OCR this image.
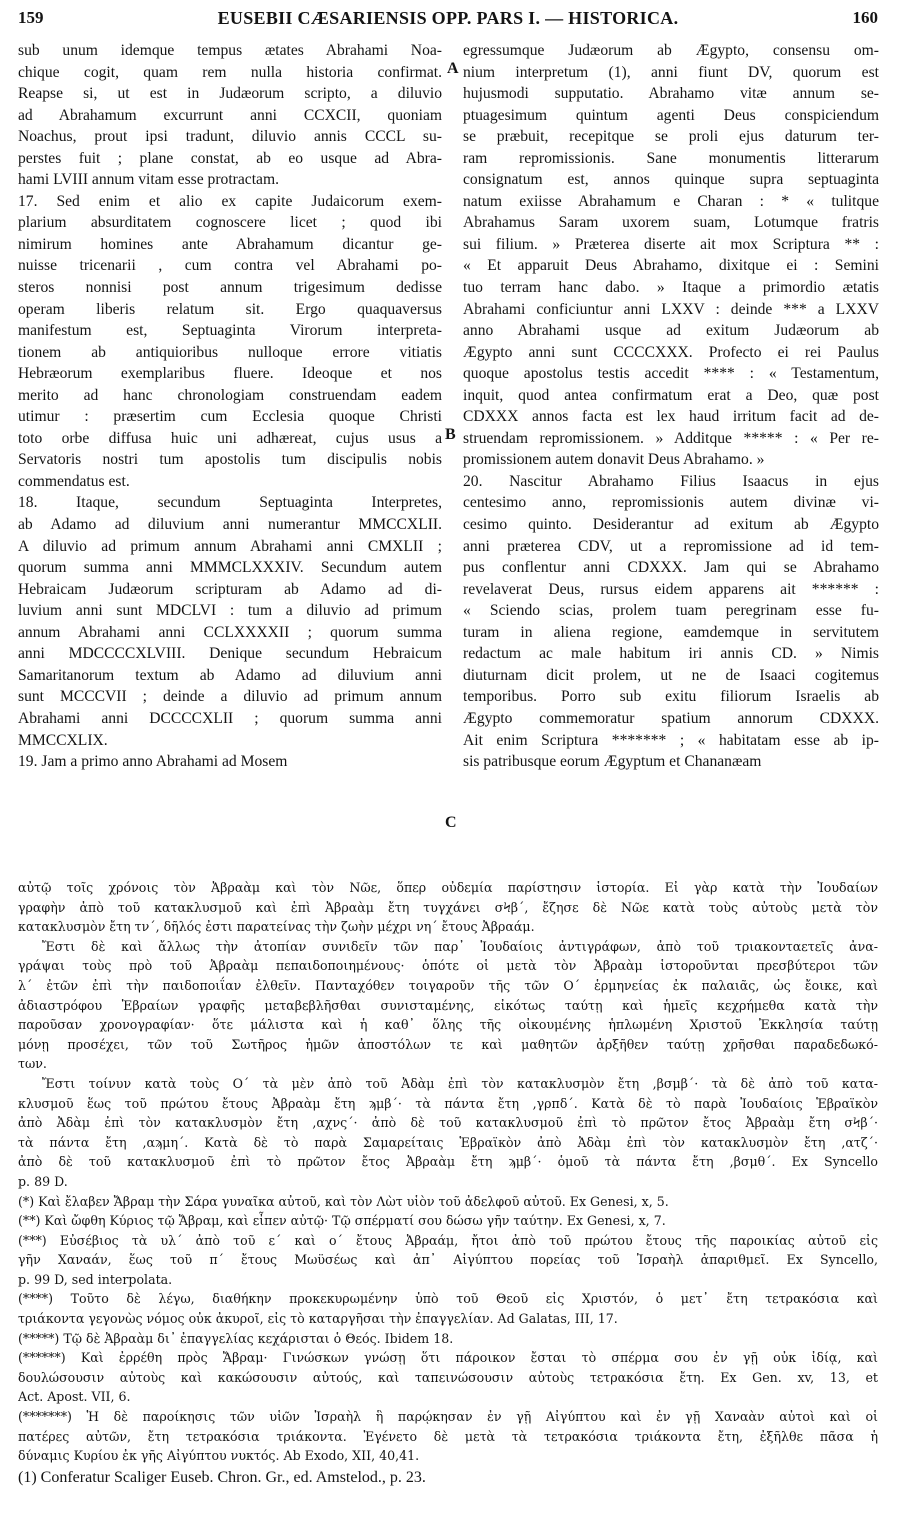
159	EUSEBII CÆSARIENSIS OPP. PARS I. — HISTORICA.	160
sub unum idemque tempus ætates Abrahami Noa-
chique cogit, quam rem nulla historia confirmat.
Reapse si, ut est in Judæorum scripto, a diluvio
ad Abrahamum excurrunt anni CCXCII, quoniam
Noachus, prout ipsi tradunt, diluvio annis CCCL su-
perstes fuit ; plane constat, ab eo usque ad Abra-
hami LVIII annum vitam esse protractam.
17. Sed enim et alio ex capite Judaicorum exem-
plarium absurditatem cognoscere licet ; quod ibi
nimirum homines ante Abrahamum dicantur ge-
nuisse tricenarii , cum contra vel Abrahami po-
steros nonnisi post annum trigesimum dedisse
operam liberis relatum sit. Ergo quaquaversus
manifestum est, Septuaginta Virorum interpreta-
tionem ab antiquioribus nulloque errore vitiatis
Hebræorum exemplaribus fluere. Ideoque et nos
merito ad hanc chronologiam construendam eadem
utimur : præsertim cum Ecclesia quoque Christi
toto orbe diffusa huic uni adhæreat, cujus usus a
Servatoris nostri tum apostolis tum discipulis nobis
commendatus est.
18. Itaque, secundum Septuaginta Interpretes,
ab Adamo ad diluvium anni numerantur MMCCXLII.
A diluvio ad primum annum Abrahami anni CMXLII ;
quorum summa anni MMMCLXXXIV. Secundum autem
Hebraicam Judæorum scripturam ab Adamo ad di-
luvium anni sunt MDCLVI : tum a diluvio ad primum
annum Abrahami anni CCLXXXXII ; quorum summa
anni MDCCCCXLVIII. Denique secundum Hebraicum
Samaritanorum textum ab Adamo ad diluvium anni
sunt MCCCVII ; deinde a diluvio ad primum annum
Abrahami anni DCCCCXLII ; quorum summa anni
MMCCXLIX.
19. Jam a primo anno Abrahami ad Mosem
egressumque Judæorum ab Ægypto, consensu om-
nium interpretum (1), anni fiunt DV, quorum est
hujusmodi supputatio. Abrahamo vitæ annum se-
ptuagesimum quintum agenti Deus conspiciendum
se præbuit, recepitque se proli ejus daturum ter-
ram repromissionis. Sane monumentis litterarum
consignatum est, annos quinque supra septuaginta
natum exiisse Abrahamum e Charan : * « tulitque
Abrahamus Saram uxorem suam, Lotumque fratris
sui filium. » Præterea diserte ait mox Scriptura ** :
« Et apparuit Deus Abrahamo, dixitque ei : Semini
tuo terram hanc dabo. » Itaque a primordio ætatis
Abrahami conficiuntur anni LXXV : deinde *** a LXXV
anno Abrahami usque ad exitum Judæorum ab
Ægypto anni sunt CCCCXXX. Profecto ei rei Paulus
quoque apostolus testis accedit **** : « Testamentum,
inquit, quod antea confirmatum erat a Deo, quæ post
CDXXX annos facta est lex haud irritum facit ad de-
struendam repromissionem. » Additque ***** : « Per re-
promissionem autem donavit Deus Abrahamo. »
20. Nascitur Abrahamo Filius Isaacus in ejus
centesimo anno, repromissionis autem divinæ vi-
cesimo quinto. Desiderantur ad exitum ab Ægypto
anni præterea CDV, ut a repromissione ad id tem-
pus conflentur anni CDXXX. Jam qui se Abrahamo
revelaverat Deus, rursus eidem apparens ait ****** :
« Sciendo scias, prolem tuam peregrinam esse fu-
turam in aliena regione, eamdemque in servitutem
redactum ac male habitum iri annis CD. » Nimis
diuturnam dicit prolem, ut ne de Isaaci cogitemus
temporibus. Porro sub exitu filiorum Israelis ab
Ægypto commemoratur spatium annorum CDXXX.
Ait enim Scriptura ******* ; « habitatam esse ab ip-
sis patribusque eorum Ægyptum et Chananæam
A
B
C
αὐτῷ τοῖς χρόνοις τὸν Ἀβραὰμ καὶ τὸν Νῶε, ὅπερ οὐδεμία παρίστησιν ἱστορία. Εἰ γὰρ κατὰ τὴν Ἰουδαίων
γραφὴν ἀπὸ τοῦ κατακλυσμοῦ καὶ ἐπὶ Ἀβραὰμ ἔτη τυγχάνει σϞβ´, ἔζησε δὲ Νῶε κατὰ τοὺς αὐτοὺς μετὰ τὸν
κατακλυσμὸν ἔτη τν´, δῆλός ἐστι παρατείνας τὴν ζωὴν μέχρι νη´ ἔτους Ἀβραάμ.
Ἔστι δὲ καὶ ἄλλως τὴν ἀτοπίαν συνιδεῖν τῶν παρ᾽ Ἰουδαίοις ἀντιγράφων, ἀπὸ τοῦ τριακονταετεῖς ἀνα-
γράψαι τοὺς πρὸ τοῦ Ἀβραὰμ πεπαιδοποιημένους· ὁπότε οἱ μετὰ τὸν Ἀβραὰμ ἱστοροῦνται πρεσβύτεροι τῶν
λ´ ἐτῶν ἐπὶ τὴν παιδοποιΐαν ἐλθεῖν. Πανταχόθεν τοιγαροῦν τῆς τῶν Ο´ ἑρμηνείας ἐκ παλαιᾶς, ὡς ἔοικε, καὶ
ἀδιαστρόφου Ἑβραίων γραφῆς μεταβεβλῆσθαι συνισταμένης, εἰκότως ταύτῃ καὶ ἡμεῖς κεχρήμεθα κατὰ τὴν
παροῦσαν χρονογραφίαν· ὅτε μάλιστα καὶ ἡ καθ᾽ ὅλης τῆς οἰκουμένης ἡπλωμένη Χριστοῦ Ἐκκλησία ταύτῃ
μόνῃ προσέχει, τῶν τοῦ Σωτῆρος ἡμῶν ἀποστόλων τε καὶ μαθητῶν ἀρξῆθεν ταύτῃ χρῆσθαι παραδεδωκό-
των.
Ἔστι τοίνυν κατὰ τοὺς Ο´ τὰ μὲν ἀπὸ τοῦ Ἀδὰμ ἐπὶ τὸν κατακλυσμὸν ἔτη ,βσμβ´· τὰ δὲ ἀπὸ τοῦ κατα-
κλυσμοῦ ἕως τοῦ πρώτου ἔτους Ἀβραὰμ ἔτη ϡμβ´· τὰ πάντα ἔτη ,γρπδ´. Κατὰ δὲ τὸ παρὰ Ἰουδαίοις Ἑβραϊκὸν
ἀπὸ Ἀδὰμ ἐπὶ τὸν κατακλυσμὸν ἔτη ,αχνς´· ἀπὸ δὲ τοῦ κατακλυσμοῦ ἐπὶ τὸ πρῶτον ἔτος Ἀβραὰμ ἔτη σϞβ´·
τὰ πάντα ἔτη ,αϡμη´. Κατὰ δὲ τὸ παρὰ Σαμαρείταις Ἑβραϊκὸν ἀπὸ Ἀδὰμ ἐπὶ τὸν κατακλυσμὸν ἔτη ,ατζ´·
ἀπὸ δὲ τοῦ κατακλυσμοῦ ἐπὶ τὸ πρῶτον ἔτος Ἀβραὰμ ἔτη ϡμβ´· ὁμοῦ τὰ πάντα ἔτη ,βσμθ´. Ex Syncello
p. 89 D.
(*) Καὶ ἔλαβεν Ἄβραμ τὴν Σάρα γυναῖκα αὐτοῦ, καὶ τὸν Λὼτ υἱὸν τοῦ ἀδελφοῦ αὐτοῦ. Ex Genesi, x, 5.
(**) Καὶ ὤφθη Κύριος τῷ Ἄβραμ, καὶ εἶπεν αὐτῷ· Τῷ σπέρματί σου δώσω γῆν ταύτην. Ex Genesi, x, 7.
(***) Εὐσέβιος τὰ υλ´ ἀπὸ τοῦ ε´ καὶ ο´ ἔτους Ἀβραάμ, ἤτοι ἀπὸ τοῦ πρώτου ἔτους τῆς παροικίας αὐτοῦ εἰς
γῆν Χαναάν, ἕως τοῦ π´ ἔτους Μωϋσέως καὶ ἀπ᾽ Αἰγύπτου πορείας τοῦ Ἰσραὴλ ἀπαριθμεῖ. Ex Syncello,
p. 99 D, sed interpolata.
(****) Τοῦτο δὲ λέγω, διαθήκην προκεκυρωμένην ὑπὸ τοῦ Θεοῦ εἰς Χριστόν, ὁ μετ᾽ ἔτη τετρακόσια καὶ
τριάκοντα γεγονὼς νόμος οὐκ ἀκυροῖ, εἰς τὸ καταργῆσαι τὴν ἐπαγγελίαν. Ad Galatas, III, 17.
(*****) Τῷ δὲ Ἀβραὰμ δι᾽ ἐπαγγελίας κεχάρισται ὁ Θεός. Ibidem 18.
(******) Καὶ ἐρρέθη πρὸς Ἄβραμ· Γινώσκων γνώσῃ ὅτι πάροικον ἔσται τὸ σπέρμα σου ἐν γῇ οὐκ ἰδίᾳ, καὶ
δουλώσουσιν αὐτοὺς καὶ κακώσουσιν αὐτούς, καὶ ταπεινώσουσιν αὐτοὺς τετρακόσια ἔτη. Ex Gen. xv, 13, et
Act. Apost. VII, 6.
(*******) Ἡ δὲ παροίκησις τῶν υἱῶν Ἰσραὴλ ἣ παρῴκησαν ἐν γῇ Αἰγύπτου καὶ ἐν γῇ Χαναὰν αὐτοὶ καὶ οἱ
πατέρες αὐτῶν, ἔτη τετρακόσια τριάκοντα. Ἐγένετο δὲ μετὰ τὰ τετρακόσια τριάκοντα ἔτη, ἐξῆλθε πᾶσα ἡ
δύναμις Κυρίου ἐκ γῆς Αἰγύπτου νυκτός. Ab Exodo, XII, 40,41.
(1) Conferatur Scaliger Euseb. Chron. Gr., ed. Amstelod., p. 23.
